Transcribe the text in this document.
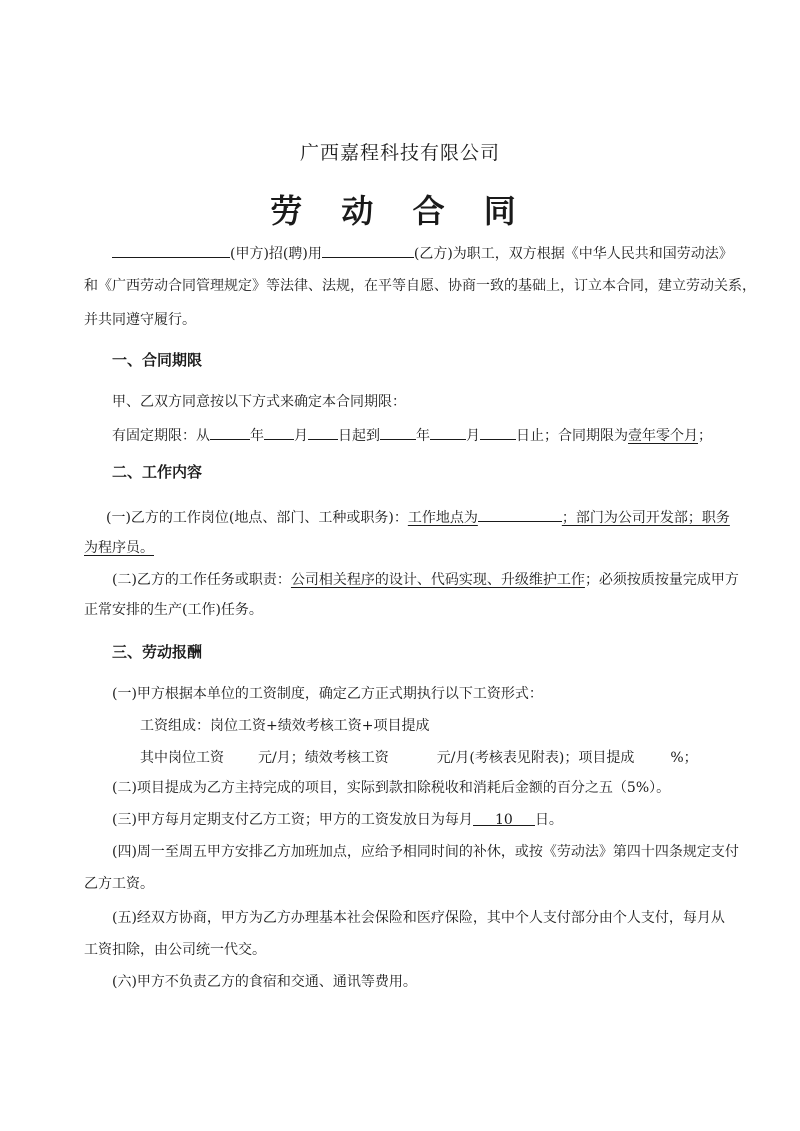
广西嘉程科技有限公司
劳 动 合 同
(甲方)招(聘)用	(乙方)为职工，双方根据《中华人民共和国劳动法》
和《广西劳动合同管理规定》等法律、法规，在平等自愿、协商一致的基础上，订立本合同，建立劳动关系，
并共同遵守履行。
一、合同期限
甲、乙双方同意按以下方式来确定本合同期限：
有固定期限：从	年 月 日起到	年	月	日止；合同期限为壹年零个月；
二、工作内容
(一)乙方的工作岗位(地点、部门、工种或职务)：工作地点为	；部门为公司开发部；职务
为程序员。
(二)乙方的工作任务或职责：公司相关程序的设计、代码实现、升级维护工作；必须按质按量完成甲方
正常安排的生产(工作)任务。
三、劳动报酬
(一)甲方根据本单位的工资制度，确定乙方正式期执行以下工资形式：
工资组成：岗位工资+绩效考核工资+项目提成
其中岗位工资 元/月；绩效考核工资	元/月(考核表见附表)；项目提成	%；
(二)项目提成为乙方主持完成的项目，实际到款扣除税收和消耗后金额的百分之五（5%）。
(三)甲方每月定期支付乙方工资；甲方的工资发放日为每月 10 日。
(四)周一至周五甲方安排乙方加班加点，应给予相同时间的补休，或按《劳动法》第四十四条规定支付
乙方工资。
(五)经双方协商，甲方为乙方办理基本社会保险和医疗保险，其中个人支付部分由个人支付，每月从
工资扣除，由公司统一代交。
(六)甲方不负责乙方的食宿和交通、通讯等费用。
